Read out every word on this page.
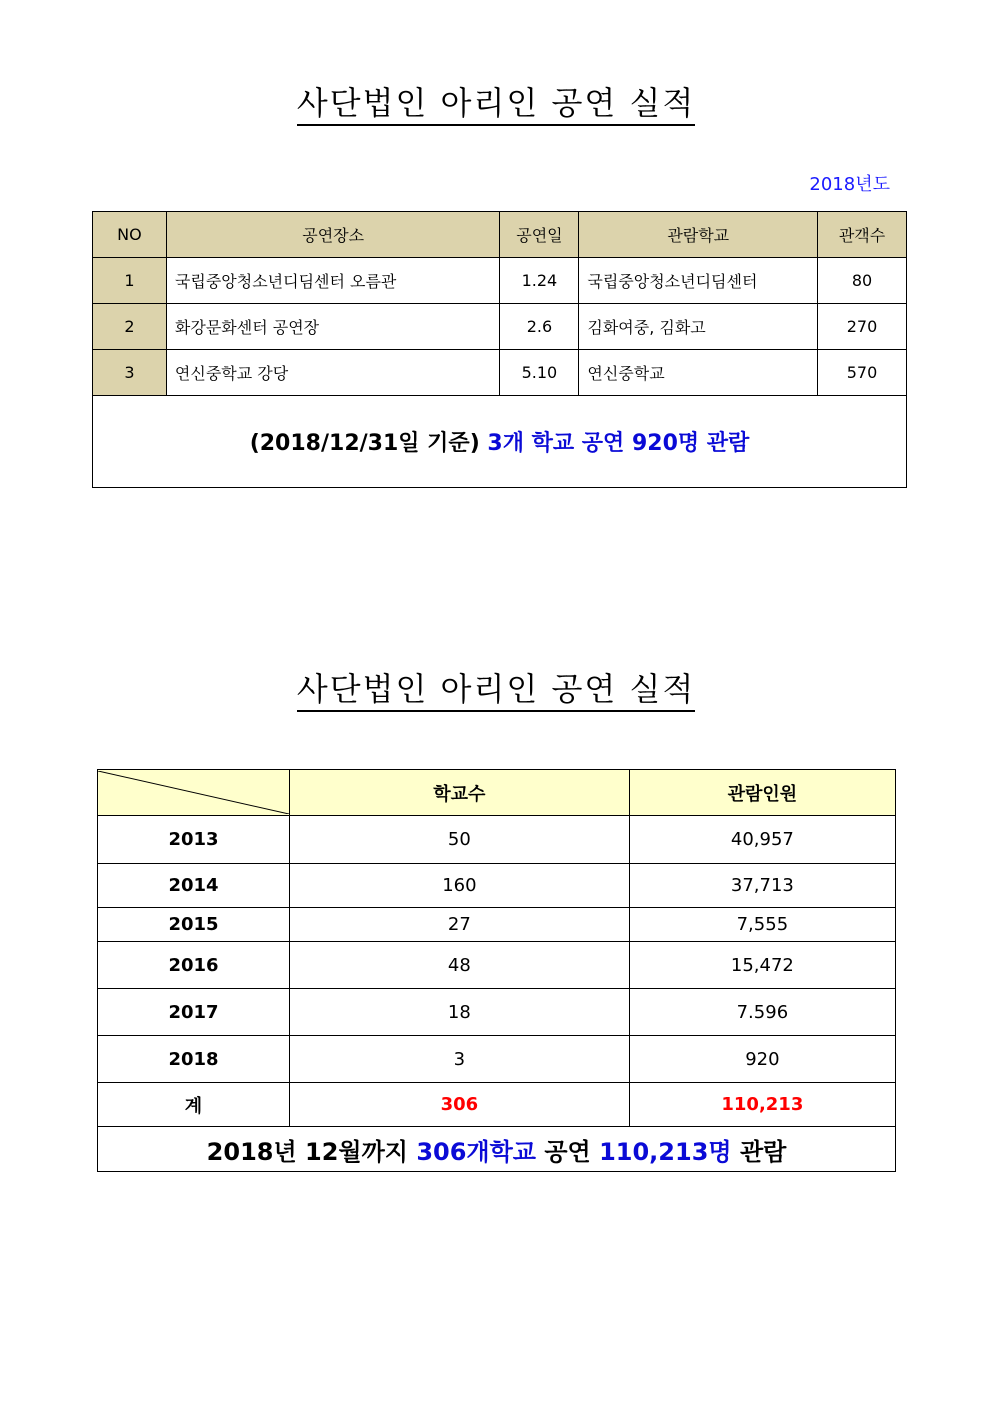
사단법인 아리인 공연 실적
2018년도
NO	공연장소	공연일	관람학교	관객수
1	국립중앙청소년디딤센터 오름관	1.24	국립중앙청소년디딤센터	80
2	화강문화센터 공연장	2.6	김화여중, 김화고	270
3	연신중학교 강당	5.10	연신중학교	570
(2018/12/31일 기준) 3개 학교 공연 920명 관람				
사단법인 아리인 공연 실적
	학교수	관람인원
2013	50	40,957
2014	160	37,713
2015	27	7,555
2016	48	15,472
2017	18	7.596
2018	3	920
계	306	110,213
2018년 12월까지 306개학교 공연 110,213명 관람		
